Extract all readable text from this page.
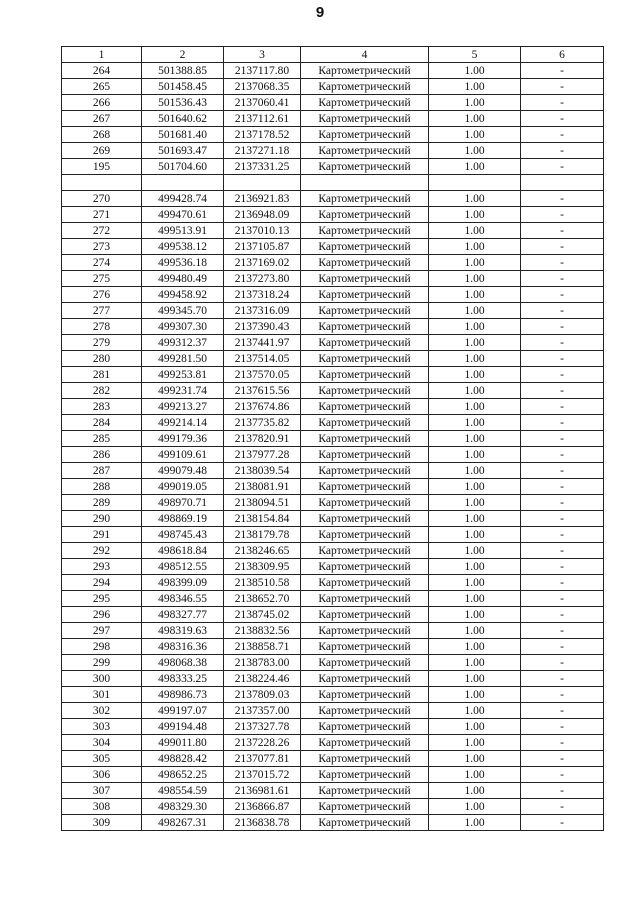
9
1	2	3	4	5	6
264	501388.85	2137117.80	Картометрический	1.00	-
265	501458.45	2137068.35	Картометрический	1.00	-
266	501536.43	2137060.41	Картометрический	1.00	-
267	501640.62	2137112.61	Картометрический	1.00	-
268	501681.40	2137178.52	Картометрический	1.00	-
269	501693.47	2137271.18	Картометрический	1.00	-
195	501704.60	2137331.25	Картометрический	1.00	-

270	499428.74	2136921.83	Картометрический	1.00	-
271	499470.61	2136948.09	Картометрический	1.00	-
272	499513.91	2137010.13	Картометрический	1.00	-
273	499538.12	2137105.87	Картометрический	1.00	-
274	499536.18	2137169.02	Картометрический	1.00	-
275	499480.49	2137273.80	Картометрический	1.00	-
276	499458.92	2137318.24	Картометрический	1.00	-
277	499345.70	2137316.09	Картометрический	1.00	-
278	499307.30	2137390.43	Картометрический	1.00	-
279	499312.37	2137441.97	Картометрический	1.00	-
280	499281.50	2137514.05	Картометрический	1.00	-
281	499253.81	2137570.05	Картометрический	1.00	-
282	499231.74	2137615.56	Картометрический	1.00	-
283	499213.27	2137674.86	Картометрический	1.00	-
284	499214.14	2137735.82	Картометрический	1.00	-
285	499179.36	2137820.91	Картометрический	1.00	-
286	499109.61	2137977.28	Картометрический	1.00	-
287	499079.48	2138039.54	Картометрический	1.00	-
288	499019.05	2138081.91	Картометрический	1.00	-
289	498970.71	2138094.51	Картометрический	1.00	-
290	498869.19	2138154.84	Картометрический	1.00	-
291	498745.43	2138179.78	Картометрический	1.00	-
292	498618.84	2138246.65	Картометрический	1.00	-
293	498512.55	2138309.95	Картометрический	1.00	-
294	498399.09	2138510.58	Картометрический	1.00	-
295	498346.55	2138652.70	Картометрический	1.00	-
296	498327.77	2138745.02	Картометрический	1.00	-
297	498319.63	2138832.56	Картометрический	1.00	-
298	498316.36	2138858.71	Картометрический	1.00	-
299	498068.38	2138783.00	Картометрический	1.00	-
300	498333.25	2138224.46	Картометрический	1.00	-
301	498986.73	2137809.03	Картометрический	1.00	-
302	499197.07	2137357.00	Картометрический	1.00	-
303	499194.48	2137327.78	Картометрический	1.00	-
304	499011.80	2137228.26	Картометрический	1.00	-
305	498828.42	2137077.81	Картометрический	1.00	-
306	498652.25	2137015.72	Картометрический	1.00	-
307	498554.59	2136981.61	Картометрический	1.00	-
308	498329.30	2136866.87	Картометрический	1.00	-
309	498267.31	2136838.78	Картометрический	1.00	-
